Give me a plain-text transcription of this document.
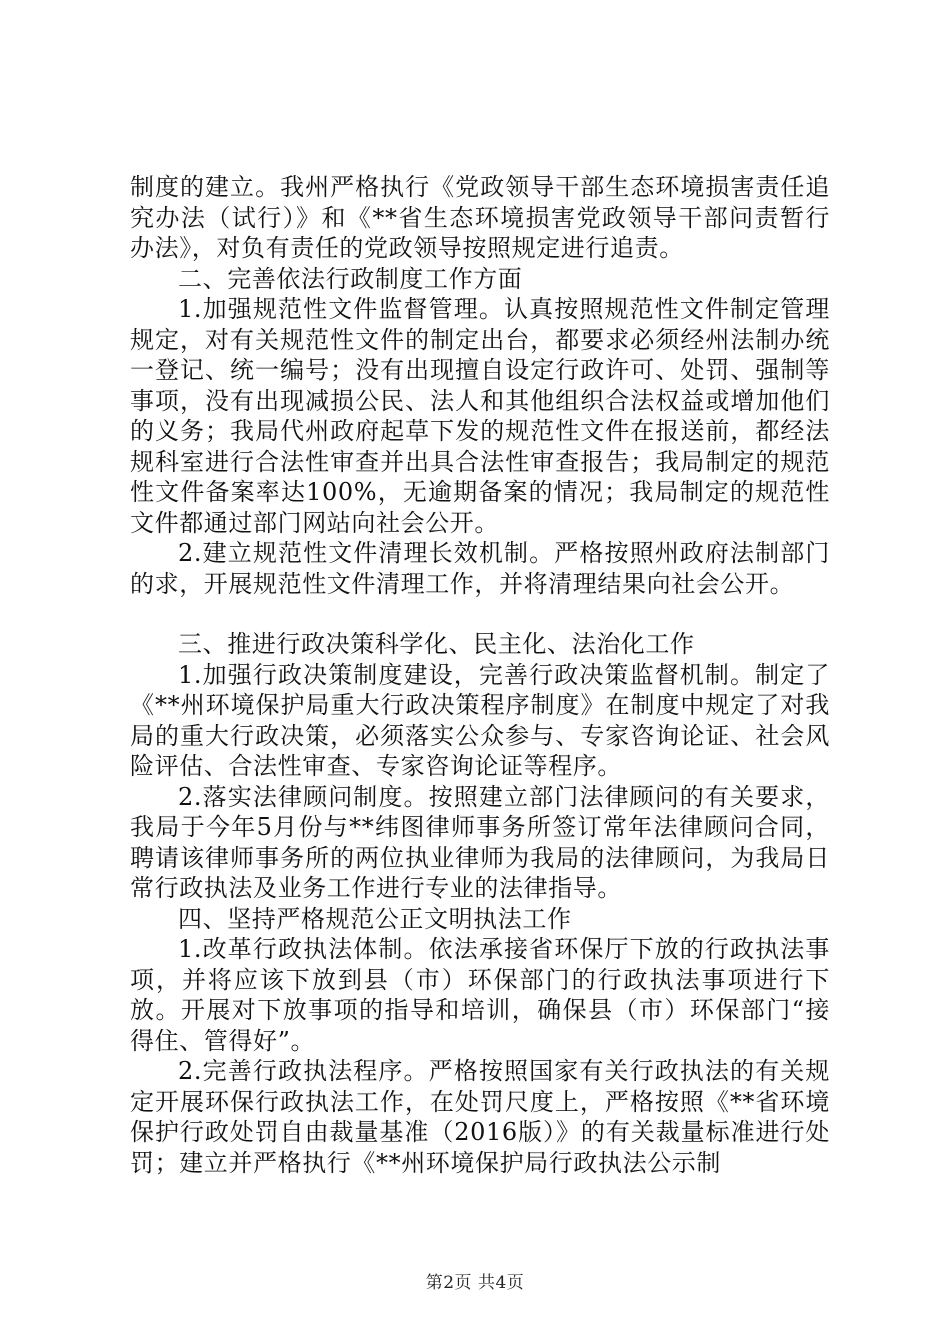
制度的建立。我州严格执行《党政领导干部生态环境损害责任追究办法（试行）》和《**省生态环境损害党政领导干部问责暂行办法》，对负有责任的党政领导按照规定进行追责。

二、完善依法行政制度工作方面

1.加强规范性文件监督管理。认真按照规范性文件制定管理规定，对有关规范性文件的制定出台，都要求必须经州法制办统一登记、统一编号；没有出现擅自设定行政许可、处罚、强制等事项，没有出现减损公民、法人和其他组织合法权益或增加他们的义务；我局代州政府起草下发的规范性文件在报送前，都经法规科室进行合法性审查并出具合法性审查报告；我局制定的规范性文件备案率达100%，无逾期备案的情况；我局制定的规范性文件都通过部门网站向社会公开。

2.建立规范性文件清理长效机制。严格按照州政府法制部门的求，开展规范性文件清理工作，并将清理结果向社会公开。

三、推进行政决策科学化、民主化、法治化工作

1.加强行政决策制度建设，完善行政决策监督机制。制定了《**州环境保护局重大行政决策程序制度》在制度中规定了对我局的重大行政决策，必须落实公众参与、专家咨询论证、社会风险评估、合法性审查、专家咨询论证等程序。

2.落实法律顾问制度。按照建立部门法律顾问的有关要求，我局于今年5月份与**纬图律师事务所签订常年法律顾问合同，聘请该律师事务所的两位执业律师为我局的法律顾问，为我局日常行政执法及业务工作进行专业的法律指导。

四、坚持严格规范公正文明执法工作

1.改革行政执法体制。依法承接省环保厅下放的行政执法事项，并将应该下放到县（市）环保部门的行政执法事项进行下放。开展对下放事项的指导和培训，确保县（市）环保部门“接得住、管得好”。

2.完善行政执法程序。严格按照国家有关行政执法的有关规定开展环保行政执法工作，在处罚尺度上，严格按照《**省环境保护行政处罚自由裁量基准（2016版）》的有关裁量标准进行处罚；建立并严格执行《**州环境保护局行政执法公示制

第2页 共4页
